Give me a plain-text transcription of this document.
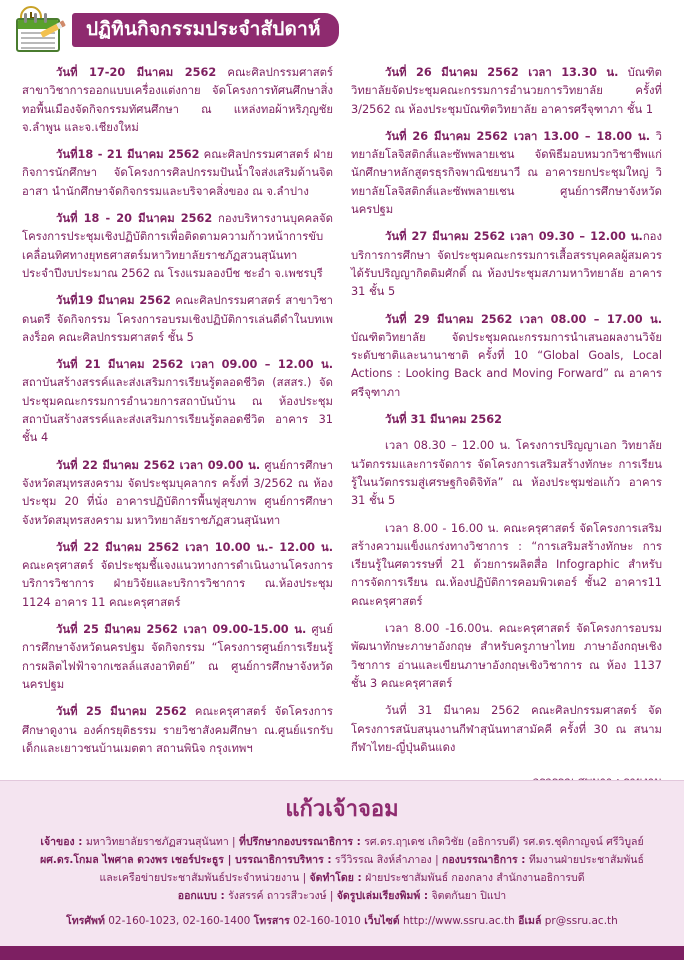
ปฏิทินกิจกรรมประจำสัปดาห์

วันที่ 17-20 มีนาคม 2562 คณะศิลปกรรมศาสตร์ สาขาวิชาการออกแบบเครื่องแต่งกาย จัดโครงการทัศนศึกษาสิ่งทอพื้นเมืองจัดกิจกรรมทัศนศึกษา ณ แหล่งทอผ้าหริภุญชัย จ.ลำพูน และจ.เชียงใหม่

วันที่18 - 21 มีนาคม 2562 คณะศิลปกรรมศาสตร์ ฝ่ายกิจการนักศึกษา จัดโครงการศิลปกรรมปันน้ำใจส่งเสริมด้านจิตอาสา นำนักศึกษาจัดกิจกรรมและบริจาคสิ่งของ ณ จ.ลำปาง

วันที่ 18 - 20 มีนาคม 2562 กองบริหารงานบุคคลจัดโครงการประชุมเชิงปฏิบัติการเพื่อติดตามความก้าวหน้าการขับเคลื่อนทิศทางยุทธศาสตร์มหาวิทยาลัยราชภัฏสวนสุนันทา ประจำปีงบประมาณ 2562 ณ โรงแรมลองบีช ชะอำ จ.เพชรบุรี

วันที่19 มีนาคม 2562 คณะศิลปกรรมศาสตร์ สาขาวิชาดนตรี จัดกิจกรรม โครงการอบรมเชิงปฏิบัติการเล่นดีดำในบทเพลงร็อค คณะศิลปกรรมศาสตร์ ชั้น 5

วันที่ 21 มีนาคม 2562 เวลา 09.00 – 12.00 น. สถาบันสร้างสรรค์และส่งเสริมการเรียนรู้ตลอดชีวิต (สสสร.) จัดประชุมคณะกรรมการอำนวยการสถาบันบ้าน ณ ห้องประชุมสถาบันสร้างสรรค์และส่งเสริมการเรียนรู้ตลอดชีวิต อาคาร 31 ชั้น 4

วันที่ 22 มีนาคม 2562 เวลา 09.00 น. ศูนย์การศึกษาจังหวัดสมุทรสงคราม จัดประชุมบุคลากร ครั้งที่ 3/2562 ณ ห้องประชุม 20 ที่นั่ง อาคารปฏิบัติการพื้นฟูสุขภาพ ศูนย์การศึกษาจังหวัดสมุทรสงคราม มหาวิทยาลัยราชภัฏสวนสุนันทา

วันที่ 22 มีนาคม 2562 เวลา 10.00 น.- 12.00 น. คณะครุศาสตร์ จัดประชุมชี้แจงแนวทางการดำเนินงานโครงการบริการวิชาการ ฝ่ายวิจัยและบริการวิชาการ ณ.ห้องประชุม 1124 อาคาร 11 คณะครุศาสตร์

วันที่ 25 มีนาคม 2562 เวลา 09.00-15.00 น. ศูนย์การศึกษาจังหวัดนครปฐม จัดกิจกรรม “โครงการศูนย์การเรียนรู้การผลิตไฟฟ้าจากเซลล์แสงอาทิตย์” ณ ศูนย์การศึกษาจังหวัดนครปฐม

วันที่ 25 มีนาคม 2562 คณะครุศาสตร์ จัดโครงการศึกษาดูงาน องค์กรยุติธรรม รายวิชาสังคมศึกษา ณ.ศูนย์แรกรับเด็กและเยาวชนบ้านเมตตา สถานพินิจ กรุงเทพฯ

วันที่ 26 มีนาคม 2562 เวลา 13.30 น. บัณฑิตวิทยาลัยจัดประชุมคณะกรรมการอำนวยการวิทยาลัย ครั้งที่ 3/2562 ณ ห้องประชุมบัณฑิตวิทยาลัย อาคารศรีจุฑาภา ชั้น 1

วันที่ 26 มีนาคม 2562 เวลา 13.00 – 18.00 น. วิทยาลัยโลจิสติกส์และซัพพลายเชน จัดพิธีมอบหมวกวิชาชีพแก่นักศึกษาหลักสูตรธุรกิจพาณิชยนาวี ณ อาคารยกประชุมใหญ่ วิทยาลัยโลจิสติกส์และซัพพลายเชน ศูนย์การศึกษาจังหวัดนครปฐม

วันที่ 27 มีนาคม 2562 เวลา 09.30 – 12.00 น.กองบริการการศึกษา จัดประชุมคณะกรรมการเสื้อสรรบุคคลผู้สมควรได้รับปริญญากิตติมศักดิ์ ณ ห้องประชุมสภามหาวิทยาลัย อาคาร 31 ชั้น 5

วันที่ 29 มีนาคม 2562 เวลา 08.00 – 17.00 น. บัณฑิตวิทยาลัย จัดประชุมคณะกรรมการนำเสนอผลงานวิจัยระดับชาติและนานาชาติ ครั้งที่ 10 “Global Goals, Local Actions : Looking Back and Moving Forward” ณ อาคารศรีจุฑาภา

วันที่ 31 มีนาคม 2562

เวลา 08.30 – 12.00 น. โครงการปริญญาเอก วิทยาลัยนวัตกรรมและการจัดการ จัดโครงการเสริมสร้างทักษะ การเรียนรู้ในนวัตกรรมสู่เศรษฐกิจดิจิทัล” ณ ห้องประชุมช่อแก้ว อาคาร 31 ชั้น 5

เวลา 8.00 - 16.00 น. คณะครุศาสตร์ จัดโครงการเสริมสร้างความแข็งแกร่งทางวิชาการ : “การเสริมสร้างทักษะ การเรียนรู้ในศตวรรษที่ 21 ด้วยการผลิตสื่อ Infographic สำหรับการจัดการเรียน ณ.ห้องปฏิบัติการคอมพิวเตอร์ ชั้น2 อาคาร11 คณะครุศาสตร์

เวลา 8.00 -16.00น. คณะครุศาสตร์ จัดโครงการอบรมพัฒนาทักษะภาษาอังกฤษ สำหรับครูภาษาไทย ภาษาอังกฤษเชิงวิชาการ อ่านและเขียนภาษาอังกฤษเชิงวิชาการ ณ ห้อง 1137 ชั้น 3 คณะครุศาสตร์

วันที่ 31 มีนาคม 2562 คณะศิลปกรรมศาสตร์ จัดโครงการสนับสนุนงานกีฬาสุนันทาสามัคคี ครั้งที่ 30 ณ สนามกีฬาไทย-ญี่ปุ่นดินแดง

แก้วเจ้าจอม
เจ้าของ : มหาวิทยาลัยราชภัฏสวนสุนันทา | ที่ปรึกษากองบรรณาธิการ : รศ.ดร.ฤๅเดช เกิดวิชัย (อธิการบดี) รศ.ดร.ชุติกาญจน์ ศรีวิบูลย์
ผศ.ดร.โกมล ไพศาล ดวงพร เชอร์ประธูร | บรรณาธิการบริหาร : รวีวิรรณ สิงห์ลำภาอง | กองบรรณาธิการ : ทีมงานฝ่ายประชาสัมพันธ์
และเครือข่ายประชาสัมพันธ์ประจำหน่วยงาน | จัดทำโดย : ฝ่ายประชาสัมพันธ์ กองกลาง สำนักงานอธิการบดี
ออกแบบ : รังสรรค์ ถาวรสีวะวงษ์ | จัดรูปเล่มเรียงพิมพ์ : จิตตกันยา ปิแปา
โทรศัพท์ 02-160-1023, 02-160-1400 โทรสาร 02-160-1010 เว็บไซต์ http://www.ssru.ac.th อีเมล์ pr@ssru.ac.th
